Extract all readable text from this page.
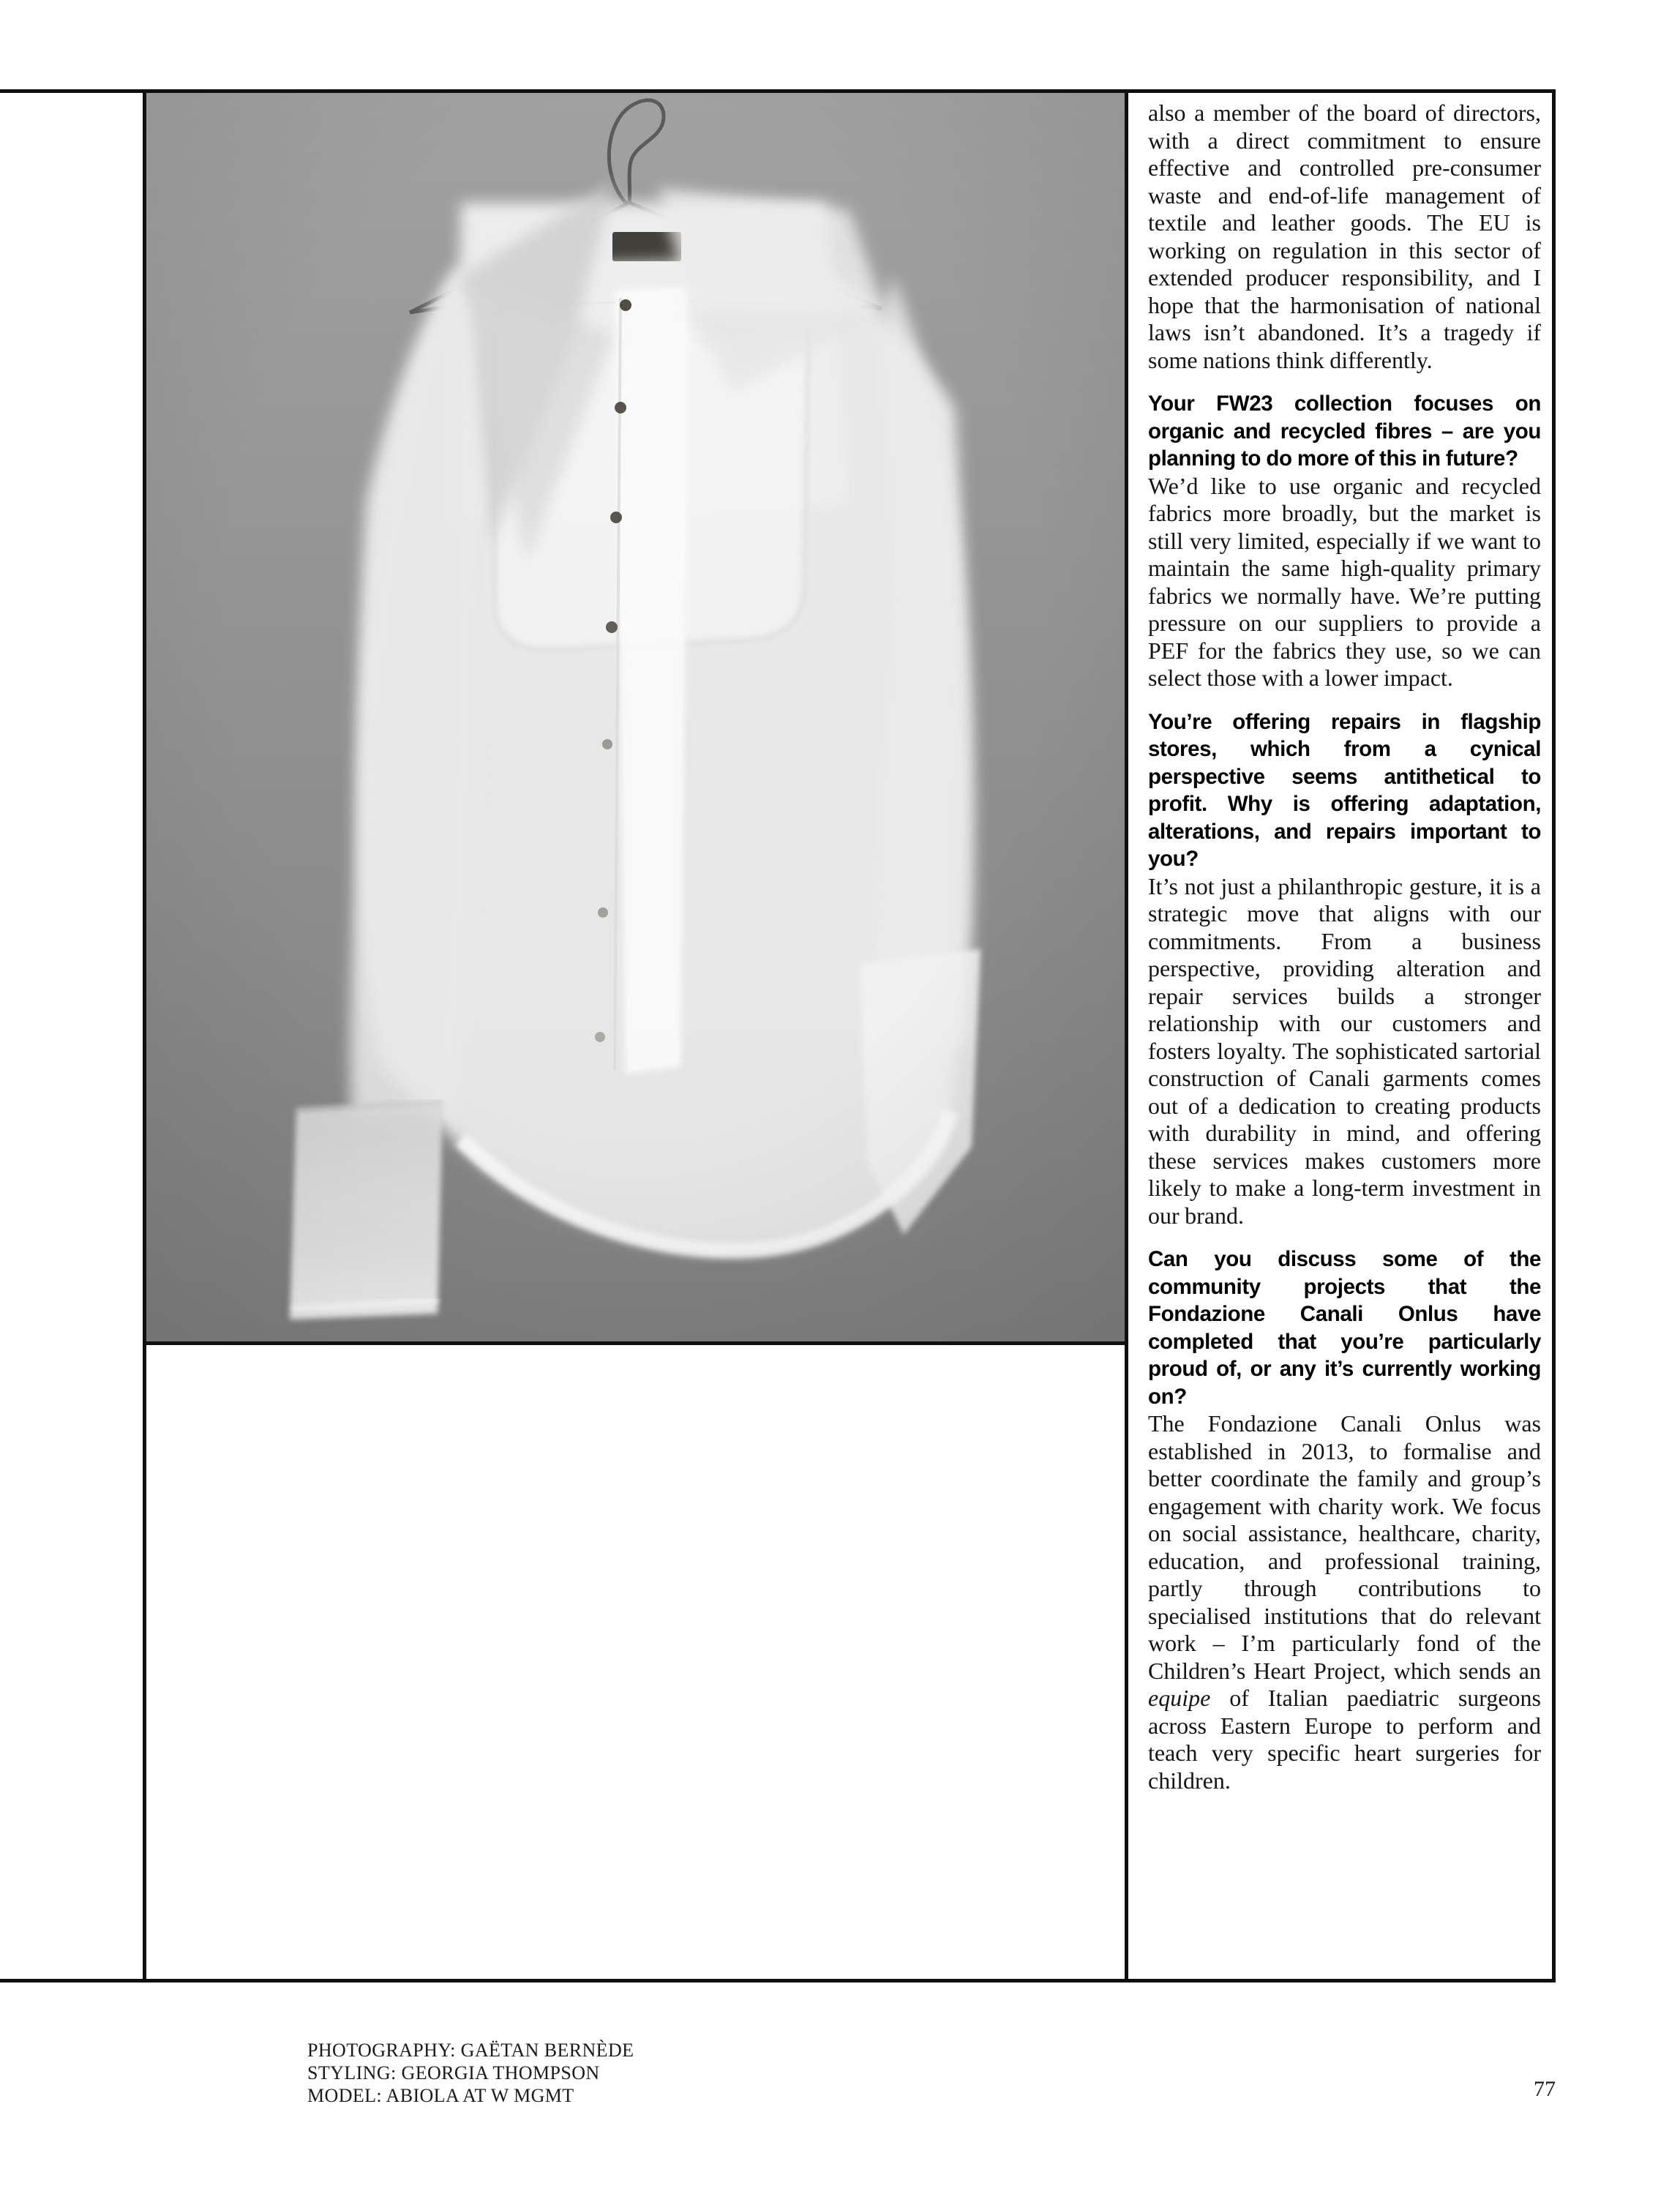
also a member of the board of directors, with a direct commitment to ensure effective and controlled pre-consumer waste and end-of-life management of textile and leather goods. The EU is working on regulation in this sector of extended producer responsibility, and I hope that the harmonisation of national laws isn’t abandoned. It’s a tragedy if some nations think differently.

Your FW23 collection focuses on organic and recycled fibres – are you planning to do more of this in future?

We’d like to use organic and recycled fabrics more broadly, but the market is still very limited, especially if we want to maintain the same high-quality primary fabrics we normally have. We’re putting pressure on our suppliers to provide a PEF for the fabrics they use, so we can select those with a lower impact.

You’re offering repairs in flagship stores, which from a cynical perspective seems antithetical to profit. Why is offering adaptation, alterations, and repairs important to you?

It’s not just a philanthropic gesture, it is a strategic move that aligns with our commitments. From a business perspective, providing alteration and repair services builds a stronger relationship with our customers and fosters loyalty. The sophisticated sartorial construction of Canali garments comes out of a dedication to creating products with durability in mind, and offering these services makes customers more likely to make a long-term investment in our brand.

Can you discuss some of the community projects that the Fondazione Canali Onlus have completed that you’re particularly proud of, or any it’s currently working on?

The Fondazione Canali Onlus was established in 2013, to formalise and better coordinate the family and group’s engagement with charity work. We focus on social assistance, healthcare, charity, education, and professional training, partly through contributions to specialised institutions that do relevant work – I’m particularly fond of the Children’s Heart Project, which sends an equipe of Italian paediatric surgeons across Eastern Europe to perform and teach very specific heart surgeries for children.

PHOTOGRAPHY: GAËTAN BERNÈDE
STYLING: GEORGIA THOMPSON
MODEL: ABIOLA AT W MGMT	77
